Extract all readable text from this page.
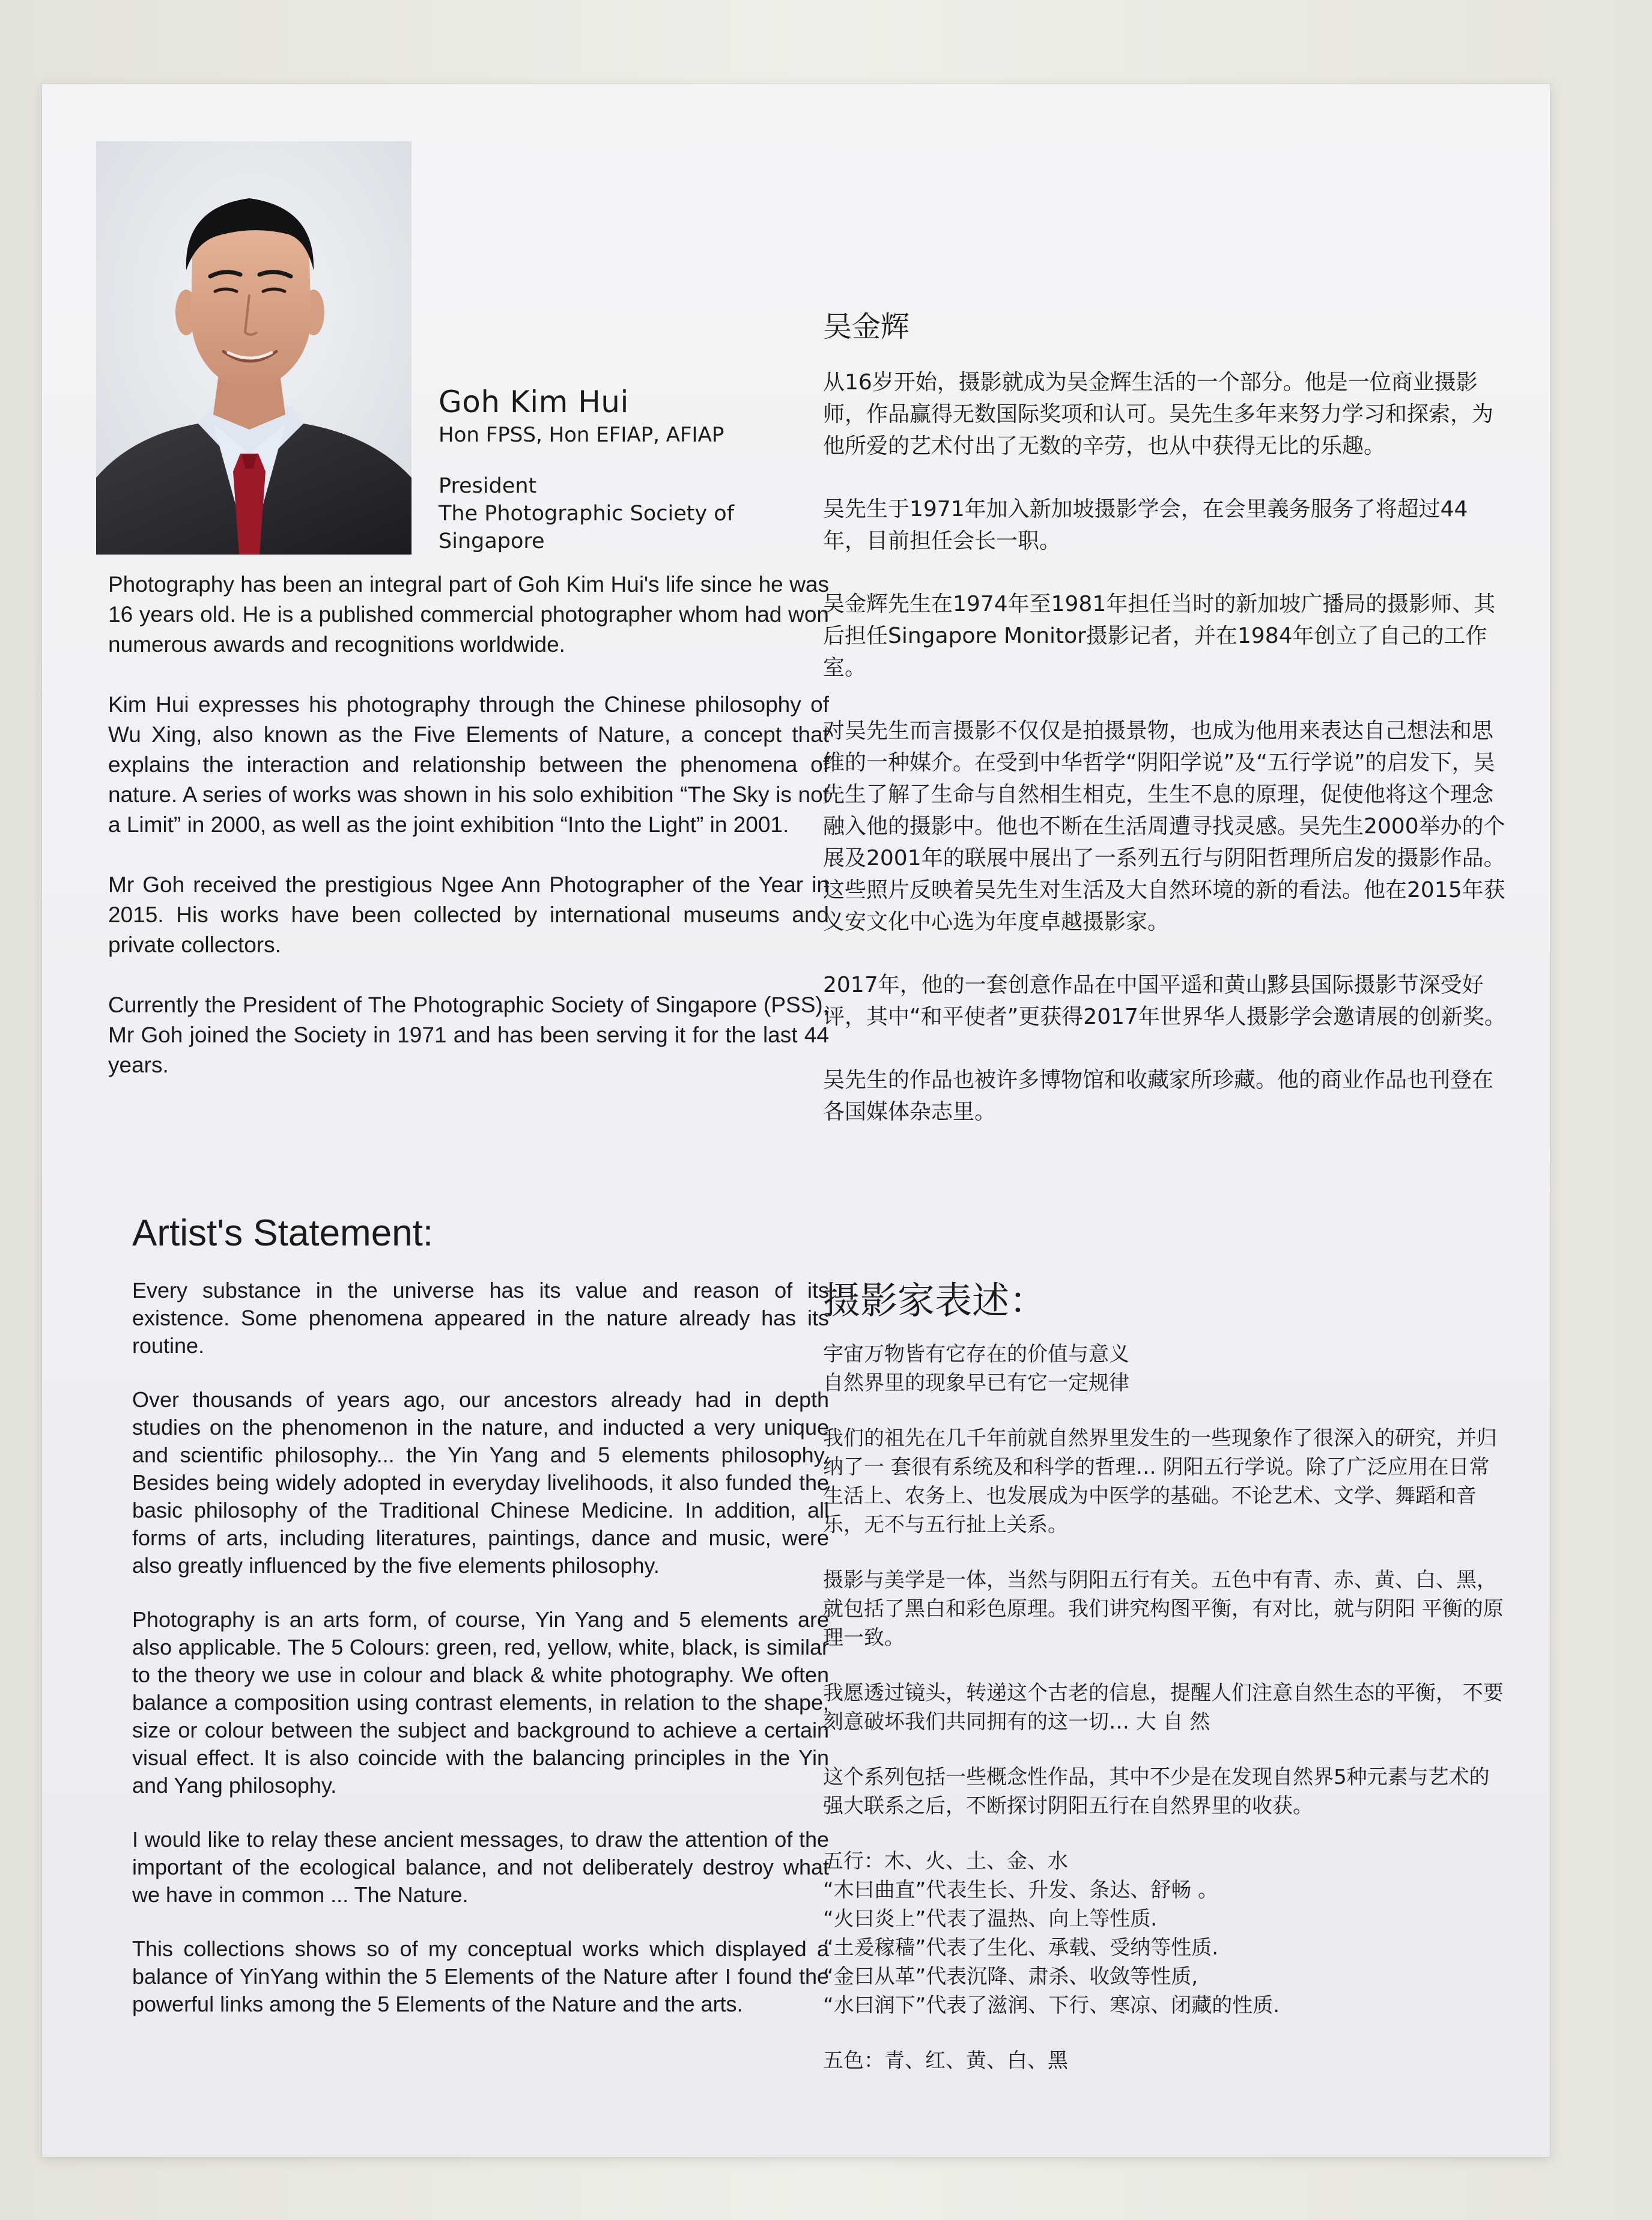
Goh Kim Hui

Hon FPSS, Hon EFIAP, AFIAP

President

The Photographic Society of

Singapore

Photography has been an integral part of Goh Kim Hui's life since he was 16 years old. He is a published commercial photographer whom had won numerous awards and recognitions worldwide.

Kim Hui expresses his photography through the Chinese philosophy of Wu Xing, also known as the Five Elements of Nature, a concept that explains the interaction and relationship between the phenomena of nature. A series of works was shown in his solo exhibition “The Sky is not a Limit” in 2000, as well as the joint exhibition “Into the Light” in 2001.

Mr Goh received the prestigious Ngee Ann Photographer of the Year in 2015. His works have been collected by international museums and private collectors.

Currently the President of The Photographic Society of Singapore (PSS), Mr Goh joined the Society in 1971 and has been serving it for the last 44 years.

Artist's Statement:

Every substance in the universe has its value and reason of its existence. Some phenomena appeared in the nature already has its routine.

Over thousands of years ago, our ancestors already had in depth studies on the phenomenon in the nature, and inducted a very unique and scientific philosophy... the Yin Yang and 5 elements philosophy. Besides being widely adopted in everyday livelihoods, it also funded the basic philosophy of the Traditional Chinese Medicine. In addition, all forms of arts, including literatures, paintings, dance and music, were also greatly influenced by the five elements philosophy.

Photography is an arts form, of course, Yin Yang and 5 elements are also applicable. The 5 Colours: green, red, yellow, white, black, is similar to the theory we use in colour and black & white photography. We often balance a composition using contrast elements, in relation to the shape, size or colour between the subject and background to achieve a certain visual effect. It is also coincide with the balancing principles in the Yin and Yang philosophy.

I would like to relay these ancient messages, to draw the attention of the important of the ecological balance, and not deliberately destroy what we have in common ... The Nature.

This collections shows so of my conceptual works which displayed a balance of YinYang within the 5 Elements of the Nature after I found the powerful links among the 5 Elements of the Nature and the arts.

吴金辉

从16岁开始，摄影就成为吴金辉生活的一个部分。他是一位商业摄影师，作品赢得无数国际奖项和认可。吴先生多年来努力学习和探索，为他所爱的艺术付出了无数的辛劳，也从中获得无比的乐趣。

吴先生于1971年加入新加坡摄影学会，在会里義务服务了将超过44年，目前担任会长一职。

吴金辉先生在1974年至1981年担任当时的新加坡广播局的摄影师、其后担任Singapore Monitor摄影记者，并在1984年创立了自己的工作室。

对吴先生而言摄影不仅仅是拍摄景物，也成为他用来表达自己想法和思维的一种媒介。在受到中华哲学“阴阳学说”及“五行学说”的启发下，吴先生了解了生命与自然相生相克，生生不息的原理，促使他将这个理念融入他的摄影中。他也不断在生活周遭寻找灵感。吴先生2000举办的个展及2001年的联展中展出了一系列五行与阴阳哲理所启发的摄影作品。这些照片反映着吴先生对生活及大自然环境的新的看法。他在2015年获义安文化中心选为年度卓越摄影家。

2017年，他的一套创意作品在中国平遥和黄山黟县国际摄影节深受好评，其中“和平使者”更获得2017年世界华人摄影学会邀请展的创新奖。

吴先生的作品也被许多博物馆和收藏家所珍藏。他的商业作品也刊登在各国媒体杂志里。

摄影家表述：

宇宙万物皆有它存在的价值与意义
自然界里的现象早已有它一定规律

我们的祖先在几千年前就自然界里发生的一些现象作了很深入的研究，并归纳了一 套很有系统及和科学的哲理… 阴阳五行学说。除了广泛应用在日常生活上、农务上、也发展成为中医学的基础。不论艺术、文学、舞蹈和音乐，无不与五行扯上关系。

摄影与美学是一体，当然与阴阳五行有关。五色中有青、赤、黄、白、黑，就包括了黑白和彩色原理。我们讲究构图平衡，有对比，就与阴阳 平衡的原理一致。

我愿透过镜头，转递这个古老的信息，提醒人们注意自然生态的平衡， 不要刻意破坏我们共同拥有的这一切… 大 自 然

这个系列包括一些概念性作品，其中不少是在发现自然界5种元素与艺术的强大联系之后，不断探讨阴阳五行在自然界里的收获。

五行：木、火、土、金、水
“木曰曲直”代表生长、升发、条达、舒畅 。
“火曰炎上”代表了温热、向上等性质.
“土爰稼穑”代表了生化、承载、受纳等性质.
“金曰从革”代表沉降、肃杀、收敛等性质,
“水曰润下”代表了滋润、下行、寒凉、闭藏的性质.

五色：青、红、黄、白、黑
